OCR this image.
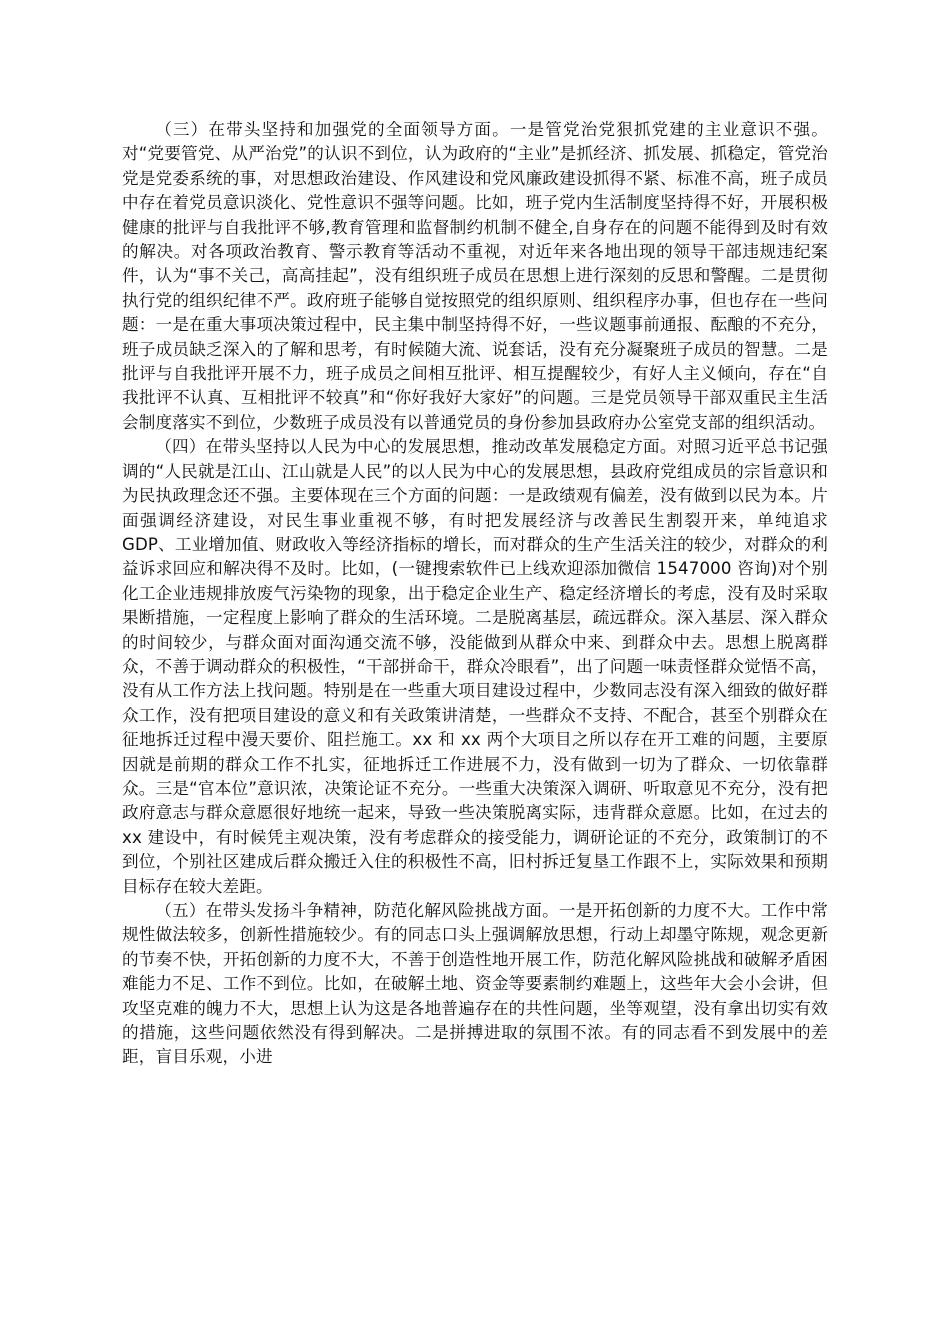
（三）在带头坚持和加强党的全面领导方面。一是管党治党狠抓党建的主业意识不强。对“党要管党、从严治党”的认识不到位，认为政府的“主业”是抓经济、抓发展、抓稳定，管党治党是党委系统的事，对思想政治建设、作风建设和党风廉政建设抓得不紧、标准不高，班子成员中存在着党员意识淡化、党性意识不强等问题。比如，班子党内生活制度坚持得不好，开展积极健康的批评与自我批评不够,教育管理和监督制约机制不健全,自身存在的问题不能得到及时有效的解决。对各项政治教育、警示教育等活动不重视，对近年来各地出现的领导干部违规违纪案件，认为“事不关己，高高挂起”，没有组织班子成员在思想上进行深刻的反思和警醒。二是贯彻执行党的组织纪律不严。政府班子能够自觉按照党的组织原则、组织程序办事，但也存在一些问题：一是在重大事项决策过程中，民主集中制坚持得不好，一些议题事前通报、酝酿的不充分，班子成员缺乏深入的了解和思考，有时候随大流、说套话，没有充分凝聚班子成员的智慧。二是批评与自我批评开展不力，班子成员之间相互批评、相互提醒较少，有好人主义倾向，存在“自我批评不认真、互相批评不较真”和“你好我好大家好”的问题。三是党员领导干部双重民主生活会制度落实不到位，少数班子成员没有以普通党员的身份参加县政府办公室党支部的组织活动。

（四）在带头坚持以人民为中心的发展思想，推动改革发展稳定方面。对照习近平总书记强调的“人民就是江山、江山就是人民”的以人民为中心的发展思想，县政府党组成员的宗旨意识和为民执政理念还不强。主要体现在三个方面的问题：一是政绩观有偏差，没有做到以民为本。片面强调经济建设，对民生事业重视不够，有时把发展经济与改善民生割裂开来，单纯追求 GDP、工业增加值、财政收入等经济指标的增长，而对群众的生产生活关注的较少，对群众的利益诉求回应和解决得不及时。比如，(一键搜索软件已上线欢迎添加微信 1547000 咨询)对个别化工企业违规排放废气污染物的现象，出于稳定企业生产、稳定经济增长的考虑，没有及时采取果断措施，一定程度上影响了群众的生活环境。二是脱离基层，疏远群众。深入基层、深入群众的时间较少，与群众面对面沟通交流不够，没能做到从群众中来、到群众中去。思想上脱离群众，不善于调动群众的积极性，“干部拼命干，群众冷眼看”，出了问题一味责怪群众觉悟不高，没有从工作方法上找问题。特别是在一些重大项目建设过程中，少数同志没有深入细致的做好群众工作，没有把项目建设的意义和有关政策讲清楚，一些群众不支持、不配合，甚至个别群众在征地拆迁过程中漫天要价、阻拦施工。xx 和 xx 两个大项目之所以存在开工难的问题，主要原因就是前期的群众工作不扎实，征地拆迁工作进展不力，没有做到一切为了群众、一切依靠群众。三是“官本位”意识浓，决策论证不充分。一些重大决策深入调研、听取意见不充分，没有把政府意志与群众意愿很好地统一起来，导致一些决策脱离实际，违背群众意愿。比如，在过去的 xx 建设中，有时候凭主观决策，没有考虑群众的接受能力，调研论证的不充分，政策制订的不到位，个别社区建成后群众搬迁入住的积极性不高，旧村拆迁复垦工作跟不上，实际效果和预期目标存在较大差距。

（五）在带头发扬斗争精神，防范化解风险挑战方面。一是开拓创新的力度不大。工作中常规性做法较多，创新性措施较少。有的同志口头上强调解放思想，行动上却墨守陈规，观念更新的节奏不快，开拓创新的力度不大，不善于创造性地开展工作，防范化解风险挑战和破解矛盾困难能力不足、工作不到位。比如，在破解土地、资金等要素制约难题上，这些年大会小会讲，但攻坚克难的魄力不大，思想上认为这是各地普遍存在的共性问题，坐等观望，没有拿出切实有效的措施，这些问题依然没有得到解决。二是拼搏进取的氛围不浓。有的同志看不到发展中的差距，盲目乐观，小进
